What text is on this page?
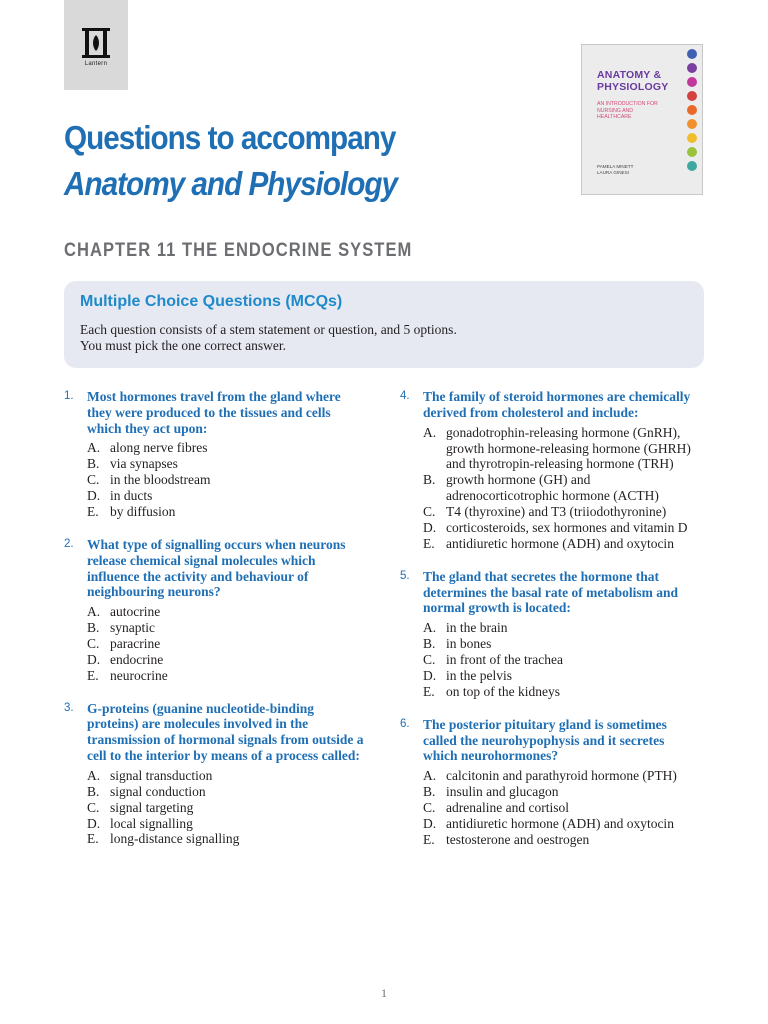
Lantern
Questions to accompany
Anatomy and Physiology
CHAPTER 11 THE ENDOCRINE SYSTEM
ANATOMY & PHYSIOLOGY
AN INTRODUCTION FOR NURSING AND HEALTHCARE
PAMELA MINETT
LAURA GINESI
Multiple Choice Questions (MCQs)

Each question consists of a stem statement or question, and 5 options.
You must pick the one correct answer.

1. Most hormones travel from the gland where they were produced to the tissues and cells which they act upon:
A. along nerve fibres
B. via synapses
C. in the bloodstream
D. in ducts
E. by diffusion
2. What type of signalling occurs when neurons release chemical signal molecules which influence the activity and behaviour of neighbouring neurons?
A. autocrine
B. synaptic
C. paracrine
D. endocrine
E. neurocrine
3. G-proteins (guanine nucleotide-binding proteins) are molecules involved in the transmission of hormonal signals from outside a cell to the interior by means of a process called:
A. signal transduction
B. signal conduction
C. signal targeting
D. local signalling
E. long-distance signalling
4. The family of steroid hormones are chemically derived from cholesterol and include:
A. gonadotrophin-releasing hormone (GnRH), growth hormone-releasing hormone (GHRH) and thyrotropin-releasing hormone (TRH)
B. growth hormone (GH) and adrenocorticotrophic hormone (ACTH)
C. T4 (thyroxine) and T3 (triiodothyronine)
D. corticosteroids, sex hormones and vitamin D
E. antidiuretic hormone (ADH) and oxytocin
5. The gland that secretes the hormone that determines the basal rate of metabolism and normal growth is located:
A. in the brain
B. in bones
C. in front of the trachea
D. in the pelvis
E. on top of the kidneys
6. The posterior pituitary gland is sometimes called the neurohypophysis and it secretes which neurohormones?
A. calcitonin and parathyroid hormone (PTH)
B. insulin and glucagon
C. adrenaline and cortisol
D. antidiuretic hormone (ADH) and oxytocin
E. testosterone and oestrogen
1
